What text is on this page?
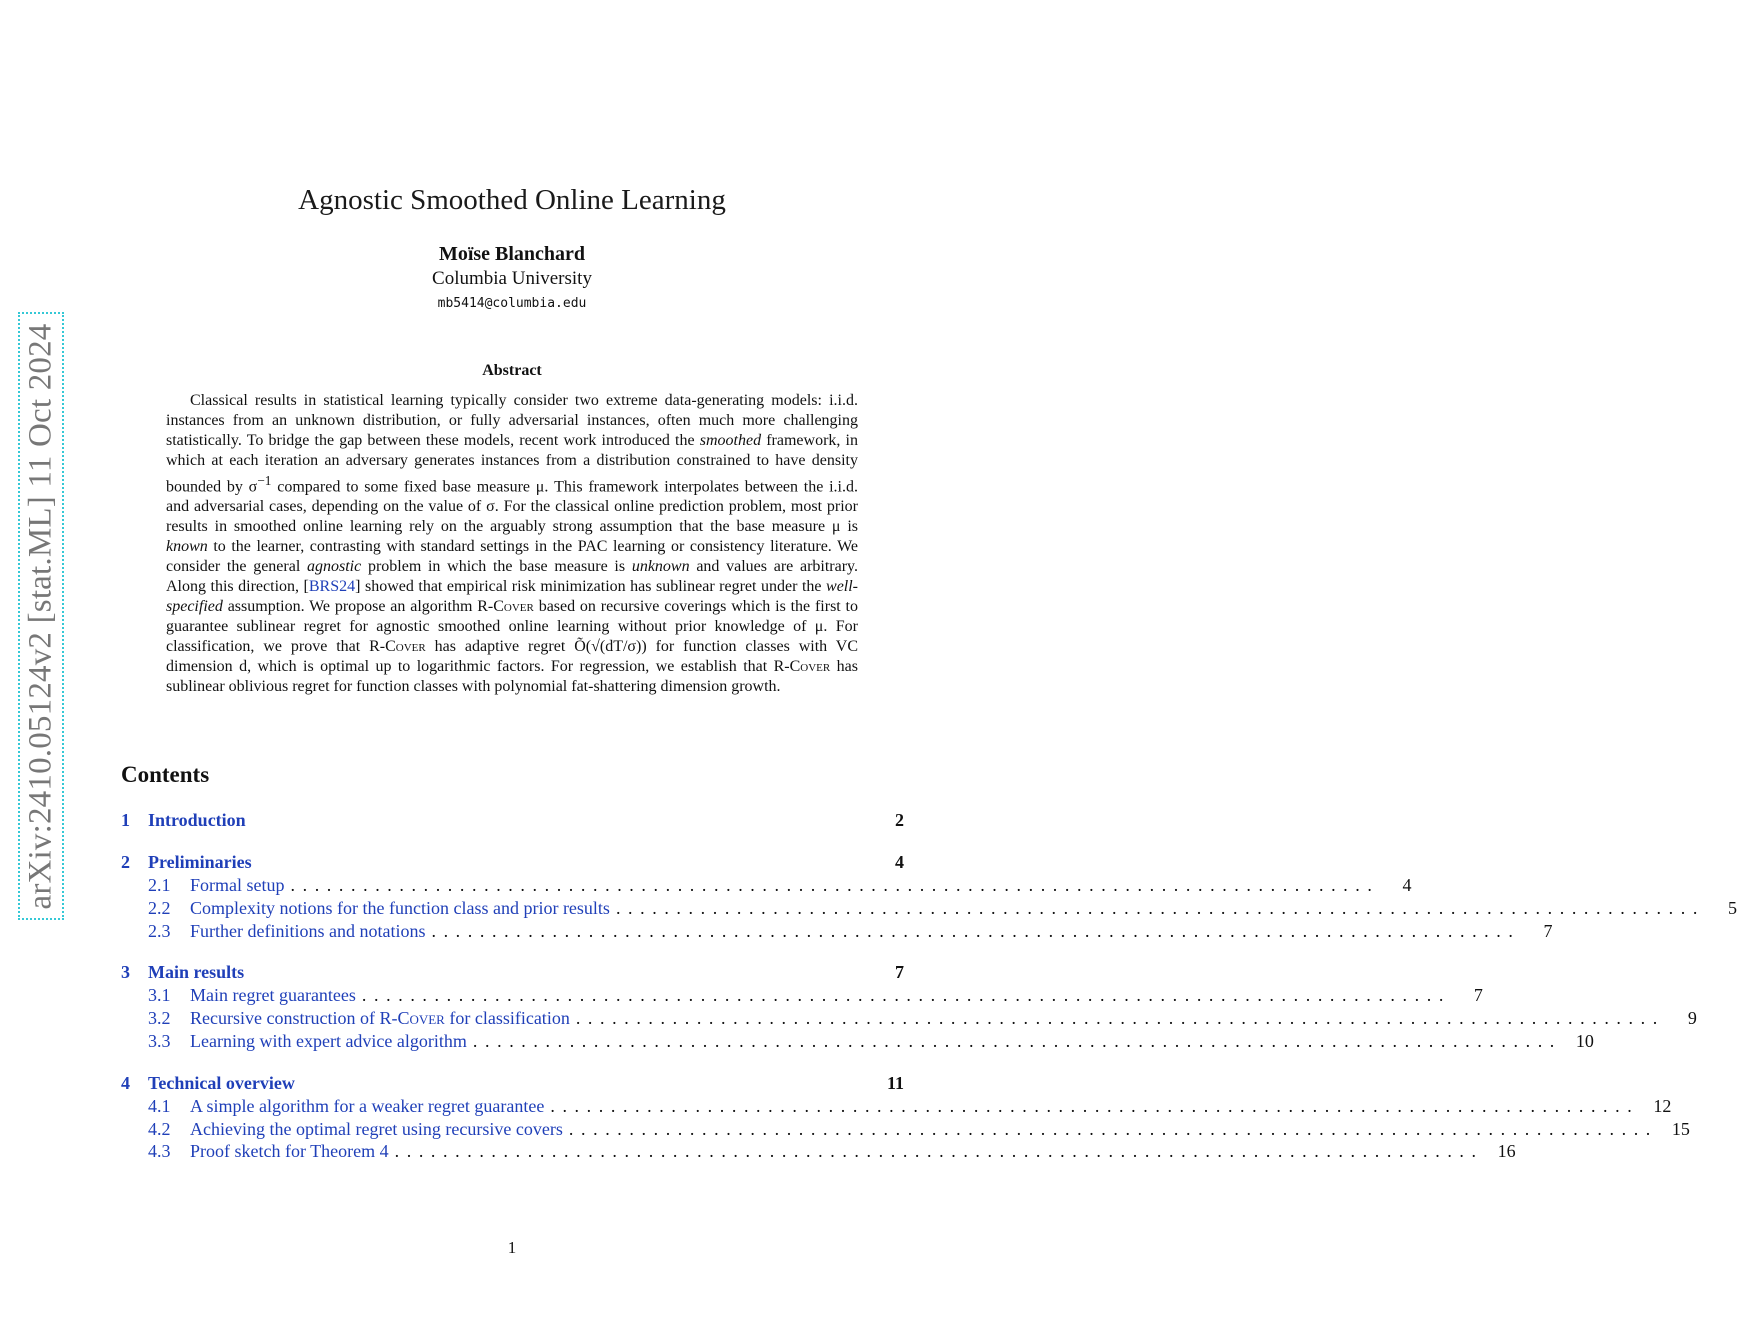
arXiv:2410.05124v2 [stat.ML] 11 Oct 2024
Agnostic Smoothed Online Learning
Moïse Blanchard
Columbia University
mb5414@columbia.edu
Abstract
Classical results in statistical learning typically consider two extreme data-generating models: i.i.d. instances from an unknown distribution, or fully adversarial instances, often much more challenging statistically. To bridge the gap between these models, recent work introduced the smoothed framework, in which at each iteration an adversary generates instances from a distribution constrained to have density bounded by $\sigma^{-1}$ compared to some fixed base measure μ. This framework interpolates between the i.i.d. and adversarial cases, depending on the value of σ. For the classical online prediction problem, most prior results in smoothed online learning rely on the arguably strong assumption that the base measure μ is known to the learner, contrasting with standard settings in the PAC learning or consistency literature. We consider the general agnostic problem in which the base measure is unknown and values are arbitrary. Along this direction, [BRS24] showed that empirical risk minimization has sublinear regret under the well-specified assumption. We propose an algorithm R-Cover based on recursive coverings which is the first to guarantee sublinear regret for agnostic smoothed online learning without prior knowledge of μ. For classification, we prove that R-Cover has adaptive regret Õ(√(dT/σ)) for function classes with VC dimension d, which is optimal up to logarithmic factors. For regression, we establish that R-Cover has sublinear oblivious regret for function classes with polynomial fat-shattering dimension growth.
Contents
1	Introduction	2
2	Preliminaries	4
2.1	Formal setup ..........................................................................................	4
2.2	Complexity notions for the function class and prior results ..........................................................................................	5
2.3	Further definitions and notations ..........................................................................................	7
3	Main results	7
3.1	Main regret guarantees ..........................................................................................	7
3.2	Recursive construction of R-Cover for classification ..........................................................................................	9
3.3	Learning with expert advice algorithm .......................................................................................... 10
4	Technical overview	11
4.1	A simple algorithm for a weaker regret guarantee .......................................................................................... 12
4.2	Achieving the optimal regret using recursive covers .......................................................................................... 15
4.3	Proof sketch for Theorem 4 .......................................................................................... 16
1
